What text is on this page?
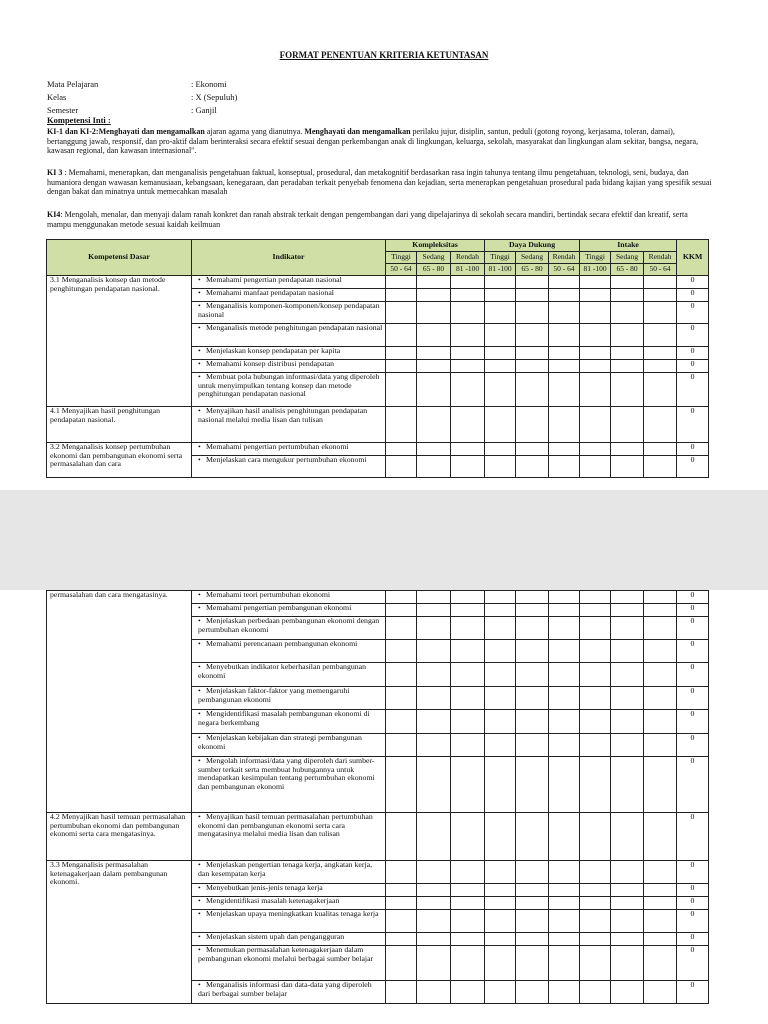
FORMAT PENENTUAN KRITERIA KETUNTASAN
Mata Pelajaran	: Ekonomi
Kelas	: X (Sepuluh)
Semester	: Ganjil
Kompetensi Inti :
KI-1 dan KI-2:Menghayati dan mengamalkan ajaran agama yang dianutnya. Menghayati dan mengamalkan perilaku jujur, disiplin, santun, peduli (gotong royong, kerjasama, toleran, damai), bertanggung jawab, responsif, dan pro-aktif dalam berinteraksi secara efektif sesuai dengan perkembangan anak di lingkungan, keluarga, sekolah, masyarakat dan lingkungan alam sekitar, bangsa, negara, kawasan regional, dan kawasan internasional".
KI 3 : Memahami, menerapkan, dan menganalisis pengetahuan faktual, konseptual, prosedural, dan metakognitif berdasarkan rasa ingin tahunya tentang ilmu pengetahuan, teknologi, seni, budaya, dan humaniora dengan wawasan kemanusiaan, kebangsaan, kenegaraan, dan peradaban terkait penyebab fenomena dan kejadian, serta menerapkan pengetahuan prosedural pada bidang kajian yang spesifik sesuai dengan bakat dan minatnya untuk memecahkan masalah
KI4: Mengolah, menalar, dan menyaji dalam ranah konkret dan ranah abstrak terkait dengan pengembangan dari yang dipelajarinya di sekolah secara mandiri, bertindak secara efektif dan kreatif, serta mampu menggunakan metode sesuai kaidah keilmuan
Kompetensi Dasar	Indikator	Kompleksitas			Daya Dukung			Intake			KKM
		Tinggi	Sedang	Rendah	Tinggi	Sedang	Rendah	Tinggi	Sedang	Rendah	
		50 - 64	65 - 80	81 -100	81 -100	65 - 80	50 - 64	81 -100	65 - 80	50 - 64	
3.1 Menganalisis konsep dan metode penghitungan pendapatan nasional.	• Memahami pengertian pendapatan nasional										0
	• Memahami manfaat pendapatan nasional										0
	• Menganalisis komponen-komponen/konsep pendapatan nasional										0
	• Menganalisis metode penghitungan pendapatan nasional										0
	• Menjelaskan konsep pendapatan per kapita										0
	• Memahami konsep distribusi pendapatan										0
	• Membuat pola hubungan informasi/data yang diperoleh untuk menyimpulkan tentang konsep dan metode penghitungan pendapatan nasional										0
4.1 Menyajikan hasil penghitungan pendapatan nasional.	• Menyajikan hasil analisis penghitungan pendapatan nasional melalui media lisan dan tulisan										0
3.2 Menganalisis konsep pertumbuhan ekonomi dan pembangunan ekonomi serta permasalahan dan cara	• Memahami pengertian pertumbuhan ekonomi										0
	• Menjelaskan cara mengukur pertumbuhan ekonomi										0
permasalahan dan cara mengatasinya.	• Memahami teori pertumbuhan ekonomi										0
	• Memahami pengertian pembangunan ekonomi										0
	• Menjelaskan perbedaan pembangunan ekonomi dengan pertumbuhan ekonomi										0
	• Memahami perencanaan pembangunan ekonomi										0
	• Menyebutkan indikator keberhasilan pembangunan ekonomi										0
	• Menjelaskan faktor-faktor yang memengaruhi pembangunan ekonomi										0
	• Mengidentifikasi masalah pembangunan ekonomi di negara berkembang										0
	• Menjelaskan kebijakan dan strategi pembangunan ekonomi										0
	• Mengolah informasi/data yang diperoleh dari sumber-sumber terkait serta membuat hubungannya untuk mendapatkan kesimpulan tentang pertumbuhan ekonomi dan pembangunan ekonomi										0
4.2 Menyajikan hasil temuan permasalahan pertumbuhan ekonomi dan pembangunan ekonomi serta cara mengatasinya.	• Menyajikan hasil temuan permasalahan pertumbuhan ekonomi dan pembangunan ekonomi serta cara mengatasinya melalui media lisan dan tulisan										0
3.3 Menganalisis permasalahan ketenagakerjaan dalam pembangunan ekonomi.	• Menjelaskan pengertian tenaga kerja, angkatan kerja, dan kesempatan kerja										0
	• Menyebutkan jenis-jenis tenaga kerja										0
	• Mengidentifikasi masalah ketenagakerjaan										0
	• Menjelaskan upaya meningkatkan kualitas tenaga kerja										0
	• Menjelaskan sistem upah dan pengangguran										0
	• Menemukan permasalahan ketenagakerjaan dalam pembangunan ekonomi melalui berbagai sumber belajar										0
	• Menganalisis informasi dan data-data yang diperoleh dari berbagai sumber belajar										0
